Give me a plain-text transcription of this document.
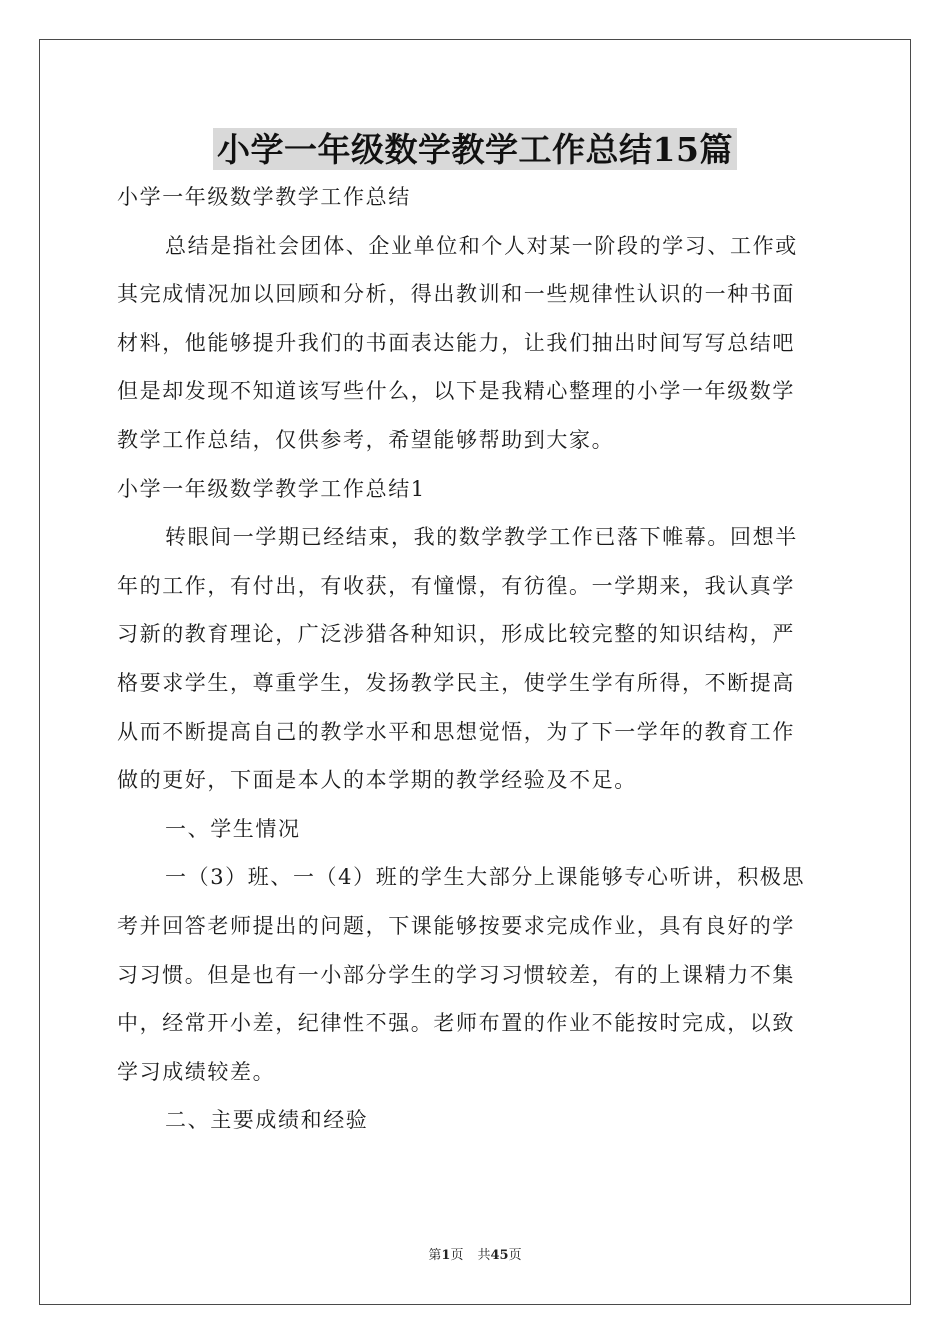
小学一年级数学教学工作总结15篇
小学一年级数学教学工作总结
总结是指社会团体、企业单位和个人对某一阶段的学习、工作或
其完成情况加以回顾和分析，得出教训和一些规律性认识的一种书面
材料，他能够提升我们的书面表达能力，让我们抽出时间写写总结吧
但是却发现不知道该写些什么，以下是我精心整理的小学一年级数学
教学工作总结，仅供参考，希望能够帮助到大家。
小学一年级数学教学工作总结1
转眼间一学期已经结束，我的数学教学工作已落下帷幕。回想半
年的工作，有付出，有收获，有憧憬，有彷徨。一学期来，我认真学
习新的教育理论，广泛涉猎各种知识，形成比较完整的知识结构，严
格要求学生，尊重学生，发扬教学民主，使学生学有所得，不断提高
从而不断提高自己的教学水平和思想觉悟，为了下一学年的教育工作
做的更好，下面是本人的本学期的教学经验及不足。
一、学生情况
一（3）班、一（4）班的学生大部分上课能够专心听讲，积极思
考并回答老师提出的问题，下课能够按要求完成作业，具有良好的学
习习惯。但是也有一小部分学生的学习习惯较差，有的上课精力不集
中，经常开小差，纪律性不强。老师布置的作业不能按时完成，以致
学习成绩较差。
二、主要成绩和经验
第1页 共45页
